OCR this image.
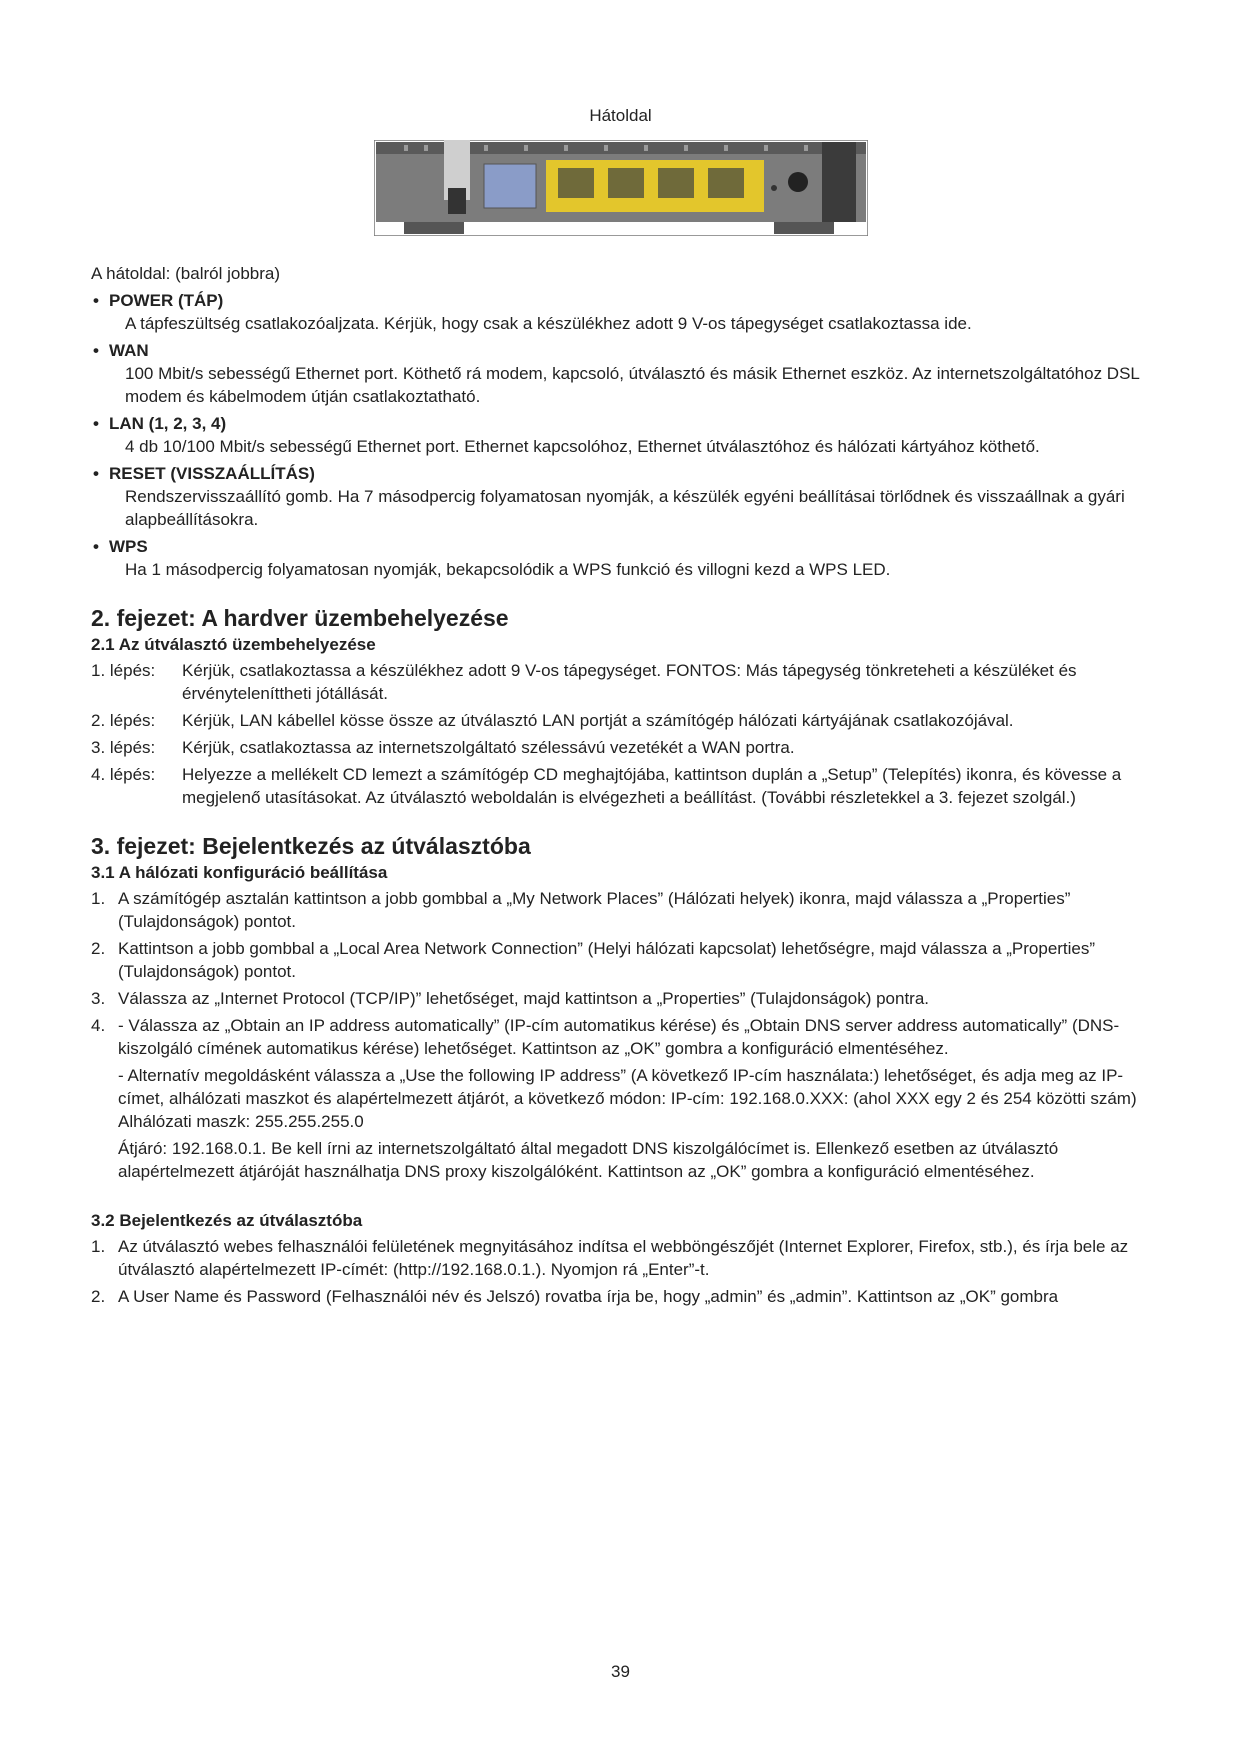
Hátoldal

A hátoldal: (balról jobbra)

• POWER (TÁP)

A tápfeszültség csatlakozóaljzata. Kérjük, hogy csak a készülékhez adott 9 V-os tápegységet csatlakoztassa ide.

• WAN

100 Mbit/s sebességű Ethernet port. Köthető rá modem, kapcsoló, útválasztó és másik Ethernet eszköz. Az internetszolgáltatóhoz DSL modem és kábelmodem útján csatlakoztatható.

• LAN (1, 2, 3, 4)

4 db 10/100 Mbit/s sebességű Ethernet port. Ethernet kapcsolóhoz, Ethernet útválasztóhoz és hálózati kártyához köthető.

• RESET (VISSZAÁLLÍTÁS)

Rendszervisszaállító gomb. Ha 7 másodpercig folyamatosan nyomják, a készülék egyéni beállításai törlődnek és visszaállnak a gyári alapbeállításokra.

• WPS

Ha 1 másodpercig folyamatosan nyomják, bekapcsolódik a WPS funkció és villogni kezd a WPS LED.

2. fejezet: A hardver üzembehelyezése
2.1 Az útválasztó üzembehelyezése
1. lépés:	Kérjük, csatlakoztassa a készülékhez adott 9 V-os tápegységet. FONTOS: Más tápegység tönkreteheti a készüléket és érvényteleníttheti jótállását.
2. lépés:	Kérjük, LAN kábellel kösse össze az útválasztó LAN portját a számítógép hálózati kártyájának csatlakozójával.
3. lépés:	Kérjük, csatlakoztassa az internetszolgáltató szélessávú vezetékét a WAN portra.
4. lépés:	Helyezze a mellékelt CD lemezt a számítógép CD meghajtójába, kattintson duplán a „Setup” (Telepítés) ikonra, és kövesse a megjelenő utasításokat. Az útválasztó weboldalán is elvégezheti a beállítást. (További részletekkel a 3. fejezet szolgál.)
3. fejezet: Bejelentkezés az útválasztóba
3.1 A hálózati konfiguráció beállítása
1. A számítógép asztalán kattintson a jobb gombbal a „My Network Places” (Hálózati helyek) ikonra, majd válassza a „Properties” (Tulajdonságok) pontot.
2. Kattintson a jobb gombbal a „Local Area Network Connection” (Helyi hálózati kapcsolat) lehetőségre, majd válassza a „Properties” (Tulajdonságok) pontot.
3. Válassza az „Internet Protocol (TCP/IP)” lehetőséget, majd kattintson a „Properties” (Tulajdonságok) pontra.
4. - Válassza az „Obtain an IP address automatically” (IP-cím automatikus kérése) és „Obtain DNS server address automatically” (DNS-kiszolgáló címének automatikus kérése) lehetőséget. Kattintson az „OK” gombra a konfiguráció elmentéséhez.

- Alternatív megoldásként válassza a „Use the following IP address” (A következő IP-cím használata:) lehetőséget, és adja meg az IP-címet, alhálózati maszkot és alapértelmezett átjárót, a következő módon: IP-cím: 192.168.0.XXX: (ahol XXX egy 2 és 254 közötti szám) Alhálózati maszk: 255.255.255.0

Átjáró: 192.168.0.1. Be kell írni az internetszolgáltató által megadott DNS kiszolgálócímet is. Ellenkező esetben az útválasztó alapértelmezett átjáróját használhatja DNS proxy kiszolgálóként. Kattintson az „OK” gombra a konfiguráció elmentéséhez.

3.2 Bejelentkezés az útválasztóba
1. Az útválasztó webes felhasználói felületének megnyitásához indítsa el webböngészőjét (Internet Explorer, Firefox, stb.), és írja bele az útválasztó alapértelmezett IP-címét: (http://192.168.0.1.). Nyomjon rá „Enter”-t.
2. A User Name és Password (Felhasználói név és Jelszó) rovatba írja be, hogy „admin” és „admin”. Kattintson az „OK” gombra
39
